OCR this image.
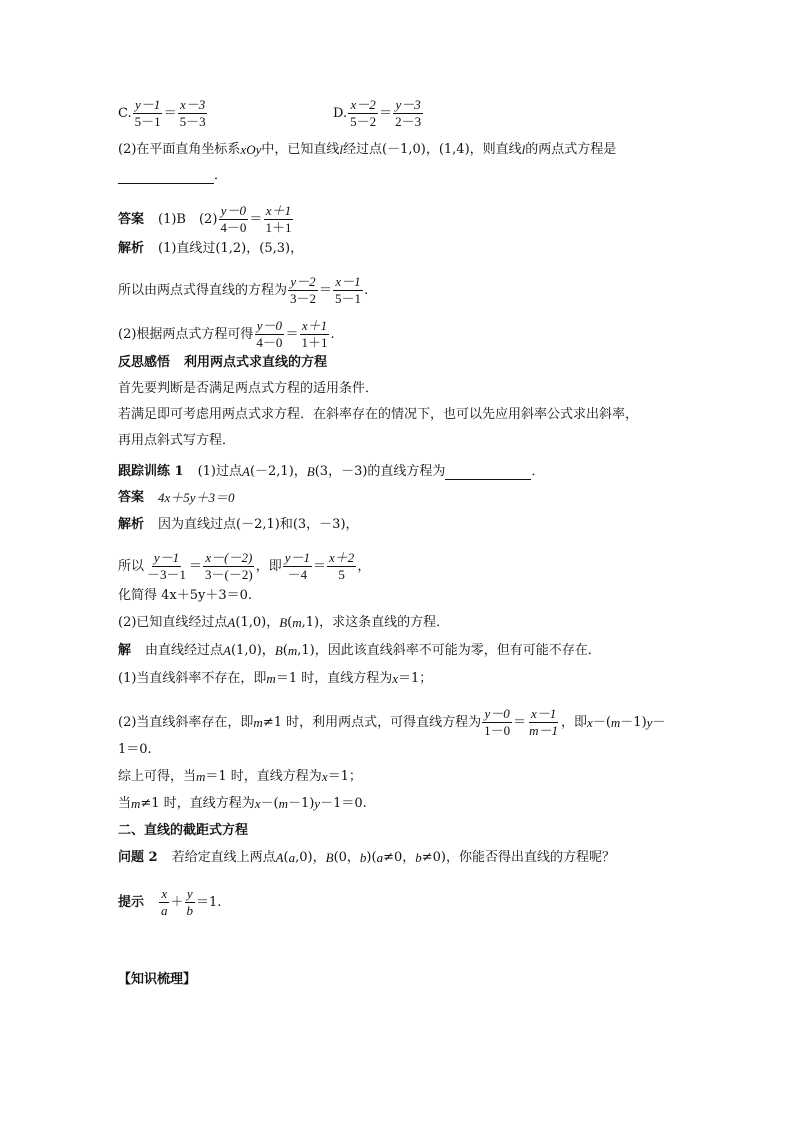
C. $\frac{y-1}{5-1} = \frac{x-3}{5-3}$	D. $\frac{x-2}{5-2} = \frac{y-3}{2-3}$
(2)在平面直角坐标系 xOy 中，已知直线 l 经过点(－1,0)，(1,4)，则直线 l 的两点式方程是
．
答案 (1)B　$(2) \frac{y-0}{4-0} = \frac{x+1}{1+1}$
解析 (1)直线过(1,2)，(5,3)，
所以由两点式得直线的方程为 $\frac{y-2}{3-2} = \frac{x-1}{5-1}$ .
(2)根据两点式方程可得 $\frac{y-0}{4-0} = \frac{x+1}{1+1}$ .
反思感悟 利用两点式求直线的方程
首先要判断是否满足两点式方程的适用条件．
若满足即可考虑用两点式求方程．在斜率存在的情况下，也可以先应用斜率公式求出斜率，
再用点斜式写方程．
跟踪训练 1 (1)过点 A (－2,1)， B (3，－3)的直线方程为	．
答案 4x＋5y＋3＝0
解析 因为直线过点(－2,1)和(3，－3)，
所以 $\frac{y-1}{-3-1} = \frac{x-(-2)}{3-(-2)}$ ，即 $\frac{y-1}{-4} = \frac{x+2}{5}$ ，
化简得 4x＋5y＋3＝0.
(2)已知直线经过点 A (1,0)， B ( m ,1)，求这条直线的方程．
解 由直线经过点 A (1,0)， B ( m ,1)，因此该直线斜率不可能为零，但有可能不存在．
(1)当直线斜率不存在，即 m ＝1 时，直线方程为 x ＝1；
(2)当直线斜率存在，即 m ≠1 时，利用两点式，可得直线方程为 $\frac{y-0}{1-0} = \frac{x-1}{m-1}$ ，即 x －( m －1) y －
1＝0.
综上可得，当 m ＝1 时，直线方程为 x ＝1；
当 m ≠1 时，直线方程为 x －( m －1) y －1＝0.
二、直线的截距式方程
问题 2 若给定直线上两点 A ( a ,0)， B (0， b )( a ≠0， b ≠0)，你能否得出直线的方程呢？
提示 $\frac{x}{a} + \frac{y}{b} =1$.
【知识梳理】
